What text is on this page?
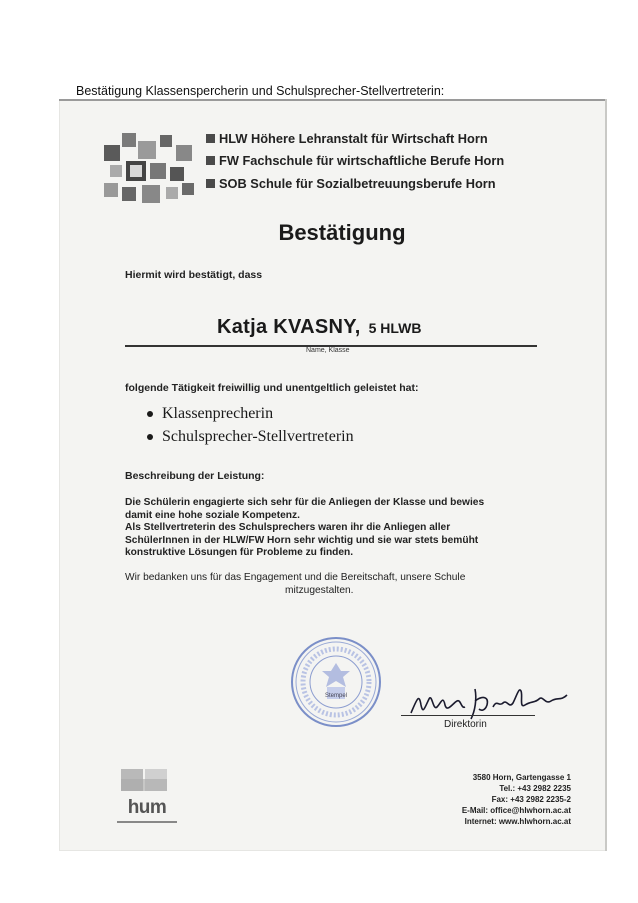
Bestätigung Klassenspercherin und Schulsprecher-Stellvertreterin:
HLW Höhere Lehranstalt für Wirtschaft Horn
FW Fachschule für wirtschaftliche Berufe Horn
SOB Schule für Sozialbetreuungsberufe Horn
Bestätigung
Hiermit wird bestätigt, dass
Katja KVASNY, 5 HLWB
Name, Klasse
folgende Tätigkeit freiwillig und unentgeltlich geleistet hat:
Klassenprecherin
Schulsprecher-Stellvertreterin
Beschreibung der Leistung:
Die Schülerin engagierte sich sehr für die Anliegen der Klasse und bewies
damit eine hohe soziale Kompetenz.
Als Stellvertreterin des Schulsprechers waren ihr die Anliegen aller
SchülerInnen in der HLW/FW Horn sehr wichtig und sie war stets bemüht
konstruktive Lösungen für Probleme zu finden.
Wir bedanken uns für das Engagement und die Bereitschaft, unsere Schule
mitzugestalten.
Stempel
Direktorin
hum
3580 Horn, Gartengasse 1
Tel.: +43 2982 2235
Fax: +43 2982 2235-2
E-Mail: office@hlwhorn.ac.at
Internet: www.hlwhorn.ac.at
